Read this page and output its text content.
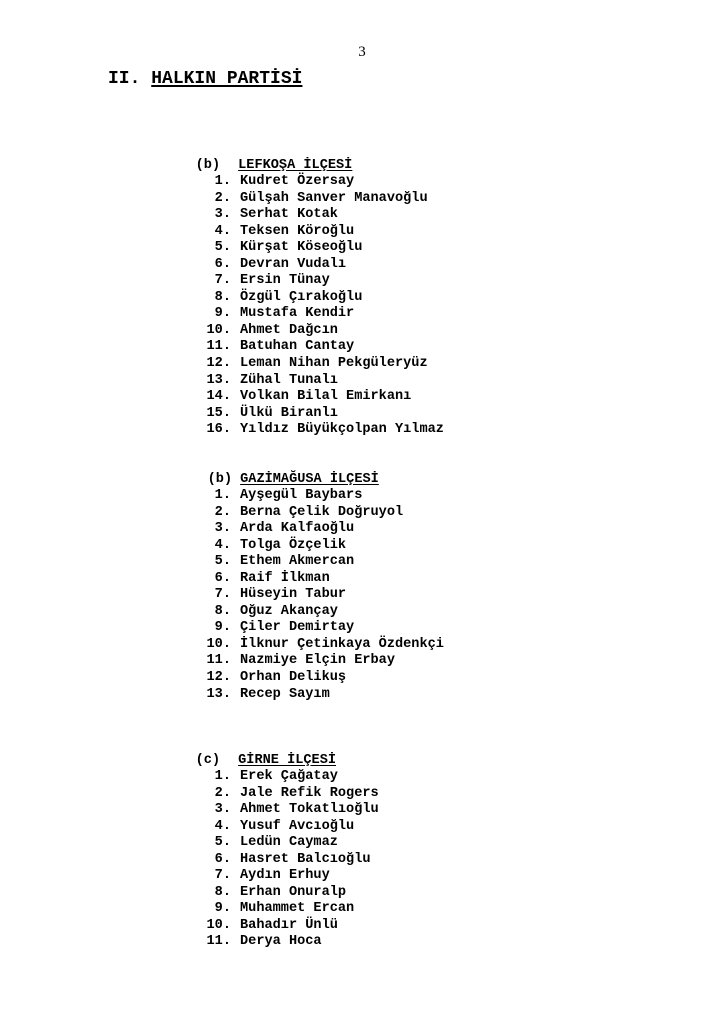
3
II. HALKIN PARTİSİ

(b) LEFKOŞA İLÇESİ

1. Kudret Özersay
2. Gülşah Sanver Manavoğlu
3. Serhat Kotak
4. Teksen Köroğlu
5. Kürşat Köseoğlu
6. Devran Vudalı
7. Ersin Tünay
8. Özgül Çırakoğlu
9. Mustafa Kendir
10. Ahmet Dağcın
11. Batuhan Cantay
12. Leman Nihan Pekgüleryüz
13. Zühal Tunalı
14. Volkan Bilal Emirkanı
15. Ülkü Biranlı
16. Yıldız Büyükçolpan Yılmaz

(b) GAZİMAĞUSA İLÇESİ

1. Ayşegül Baybars
2. Berna Çelik Doğruyol
3. Arda Kalfaoğlu
4. Tolga Özçelik
5. Ethem Akmercan
6. Raif İlkman
7. Hüseyin Tabur
8. Oğuz Akançay
9. Çiler Demirtay
10. İlknur Çetinkaya Özdenkçi
11. Nazmiye Elçin Erbay
12. Orhan Delikuş
13. Recep Sayım

(c) GİRNE İLÇESİ

1. Erek Çağatay
2. Jale Refik Rogers
3. Ahmet Tokatlıoğlu
4. Yusuf Avcıoğlu
5. Ledün Caymaz
6. Hasret Balcıoğlu
7. Aydın Erhuy
8. Erhan Onuralp
9. Muhammet Ercan
10. Bahadır Ünlü
11. Derya Hoca
